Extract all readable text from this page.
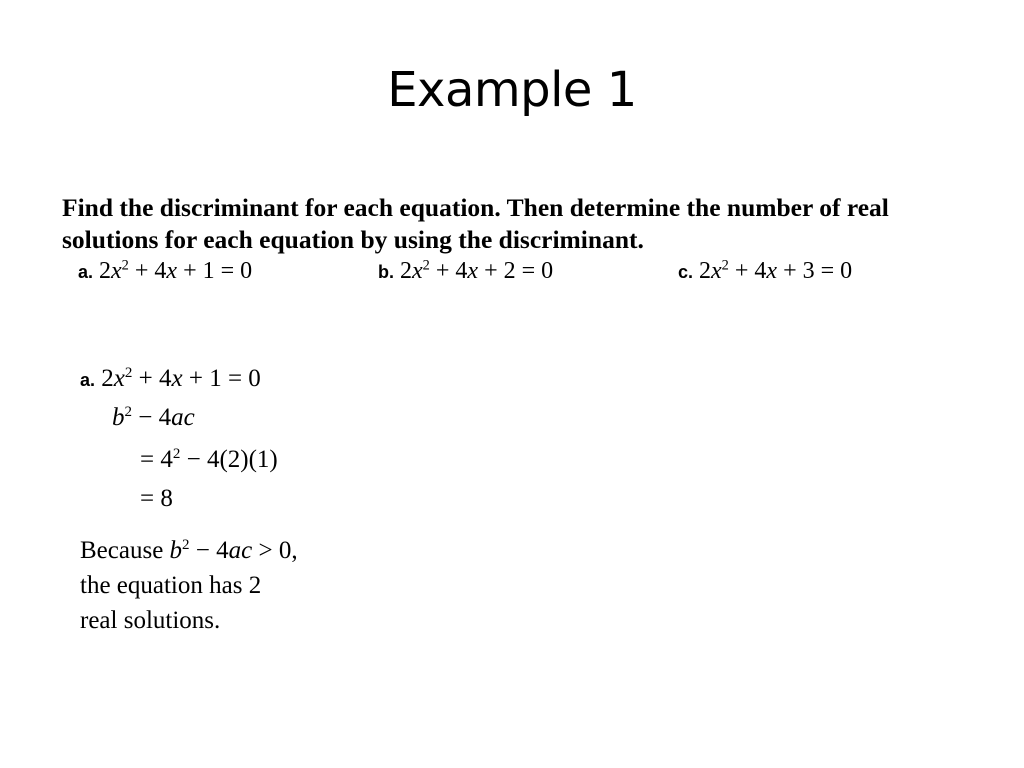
Example 1
Find the discriminant for each equation. Then determine the number of real solutions for each equation by using the discriminant.
a. $2x^2 + 4x + 1 = 0$	b. $2x^2 + 4x + 2 = 0$	c. $2x^2 + 4x + 3 = 0$
a. $2x^2 + 4x + 1 = 0$
$b^2 - 4ac$
= $4^2 - 4(2)(1)$
= 8
Because $b^2 - 4ac > 0$,
the equation has 2
real solutions.
